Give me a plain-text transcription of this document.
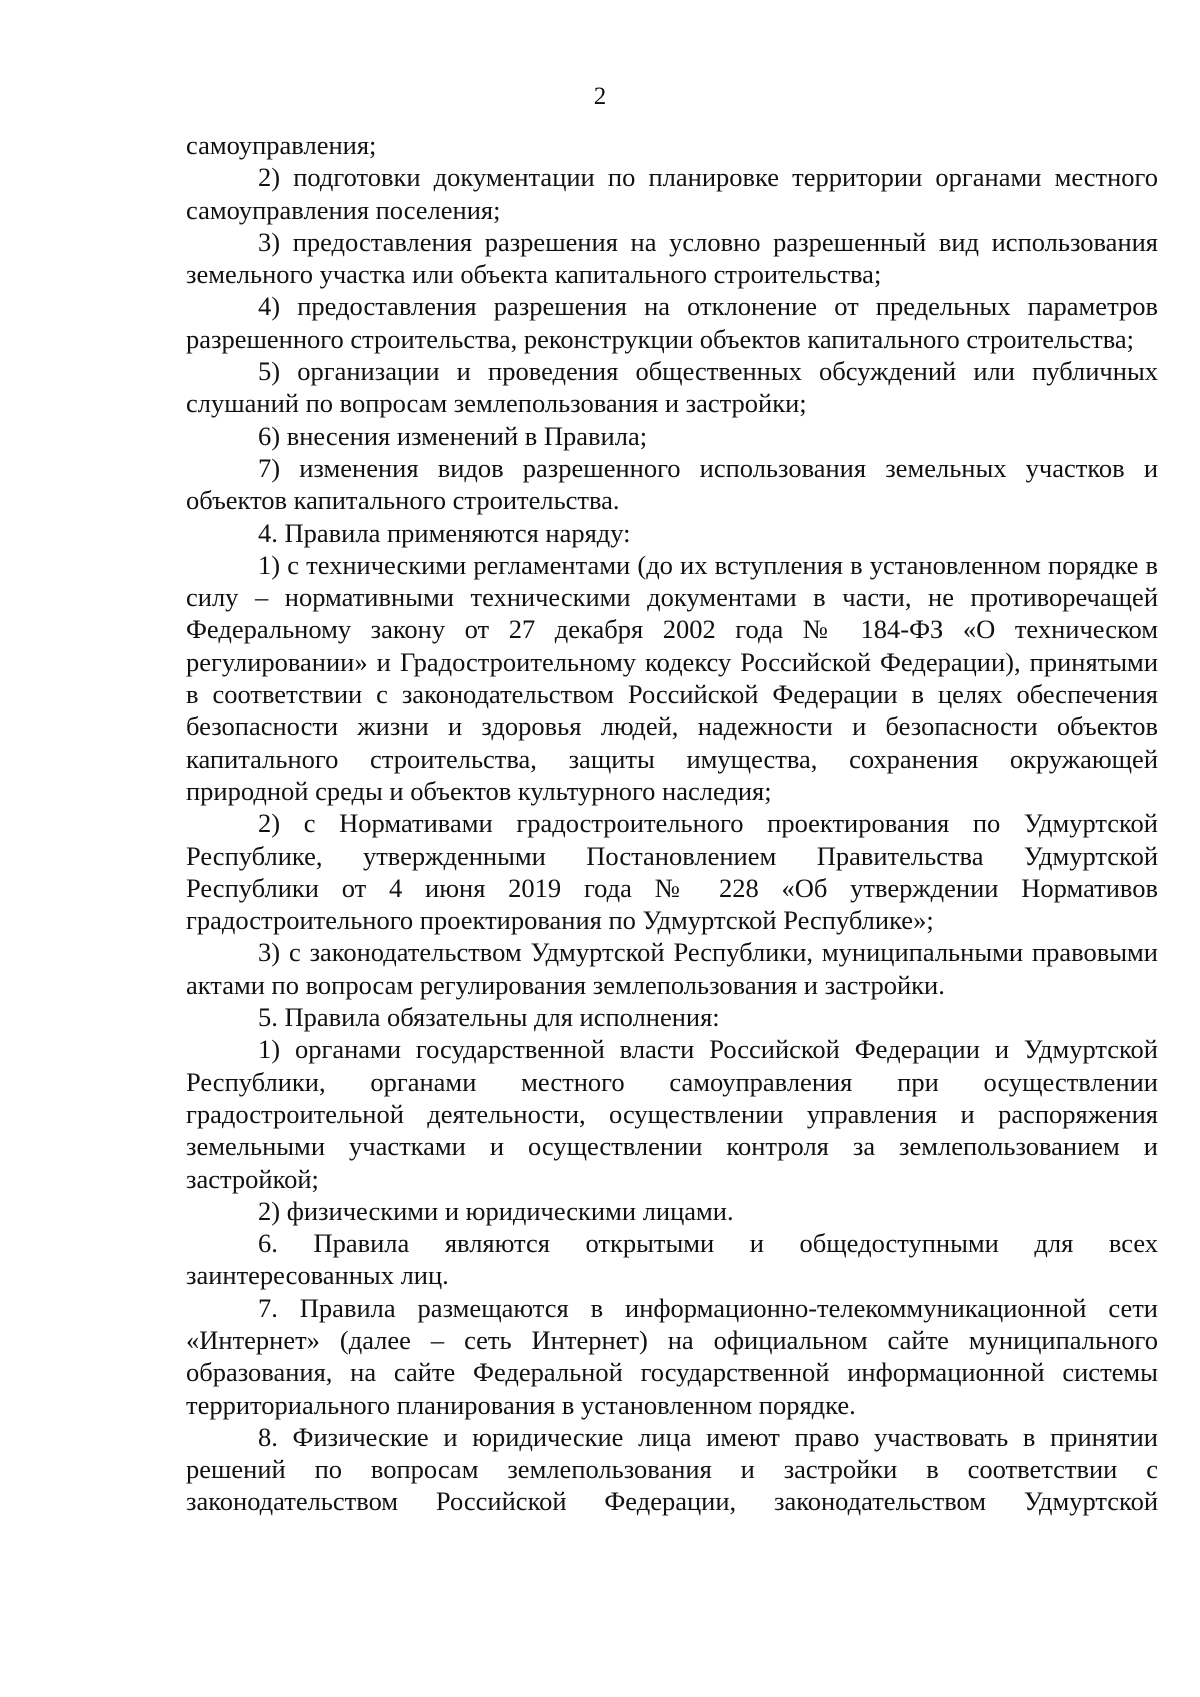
2

самоуправления;

2) подготовки документации по планировке территории органами местного самоуправления поселения;

3) предоставления разрешения на условно разрешенный вид использования земельного участка или объекта капитального строительства;

4) предоставления разрешения на отклонение от предельных параметров разрешенного строительства, реконструкции объектов капитального строительства;

5) организации и проведения общественных обсуждений или публичных слушаний по вопросам землепользования и застройки;

6) внесения изменений в Правила;

7) изменения видов разрешенного использования земельных участков и объектов капитального строительства.

4. Правила применяются наряду:

1) с техническими регламентами (до их вступления в установленном порядке в силу – нормативными техническими документами в части, не противоречащей Федеральному закону от 27 декабря 2002 года № 184-ФЗ «О техническом регулировании» и Градостроительному кодексу Российской Федерации), принятыми в соответствии с законодательством Российской Федерации в целях обеспечения безопасности жизни и здоровья людей, надежности и безопасности объектов капитального строительства, защиты имущества, сохранения окружающей природной среды и объектов культурного наследия;

2) с Нормативами градостроительного проектирования по Удмуртской Республике, утвержденными Постановлением Правительства Удмуртской Республики от 4 июня 2019 года № 228 «Об утверждении Нормативов градостроительного проектирования по Удмуртской Республике»;

3) с законодательством Удмуртской Республики, муниципальными правовыми актами по вопросам регулирования землепользования и застройки.

5. Правила обязательны для исполнения:

1) органами государственной власти Российской Федерации и Удмуртской Республики, органами местного самоуправления при осуществлении градостроительной деятельности, осуществлении управления и распоряжения земельными участками и осуществлении контроля за землепользованием и застройкой;

2) физическими и юридическими лицами.

6. Правила являются открытыми и общедоступными для всех заинтересованных лиц.

7. Правила размещаются в информационно-телекоммуникационной сети «Интернет» (далее – сеть Интернет) на официальном сайте муниципального образования, на сайте Федеральной государственной информационной системы территориального планирования в установленном порядке.

8. Физические и юридические лица имеют право участвовать в принятии решений по вопросам землепользования и застройки в соответствии с законодательством Российской Федерации, законодательством Удмуртской
